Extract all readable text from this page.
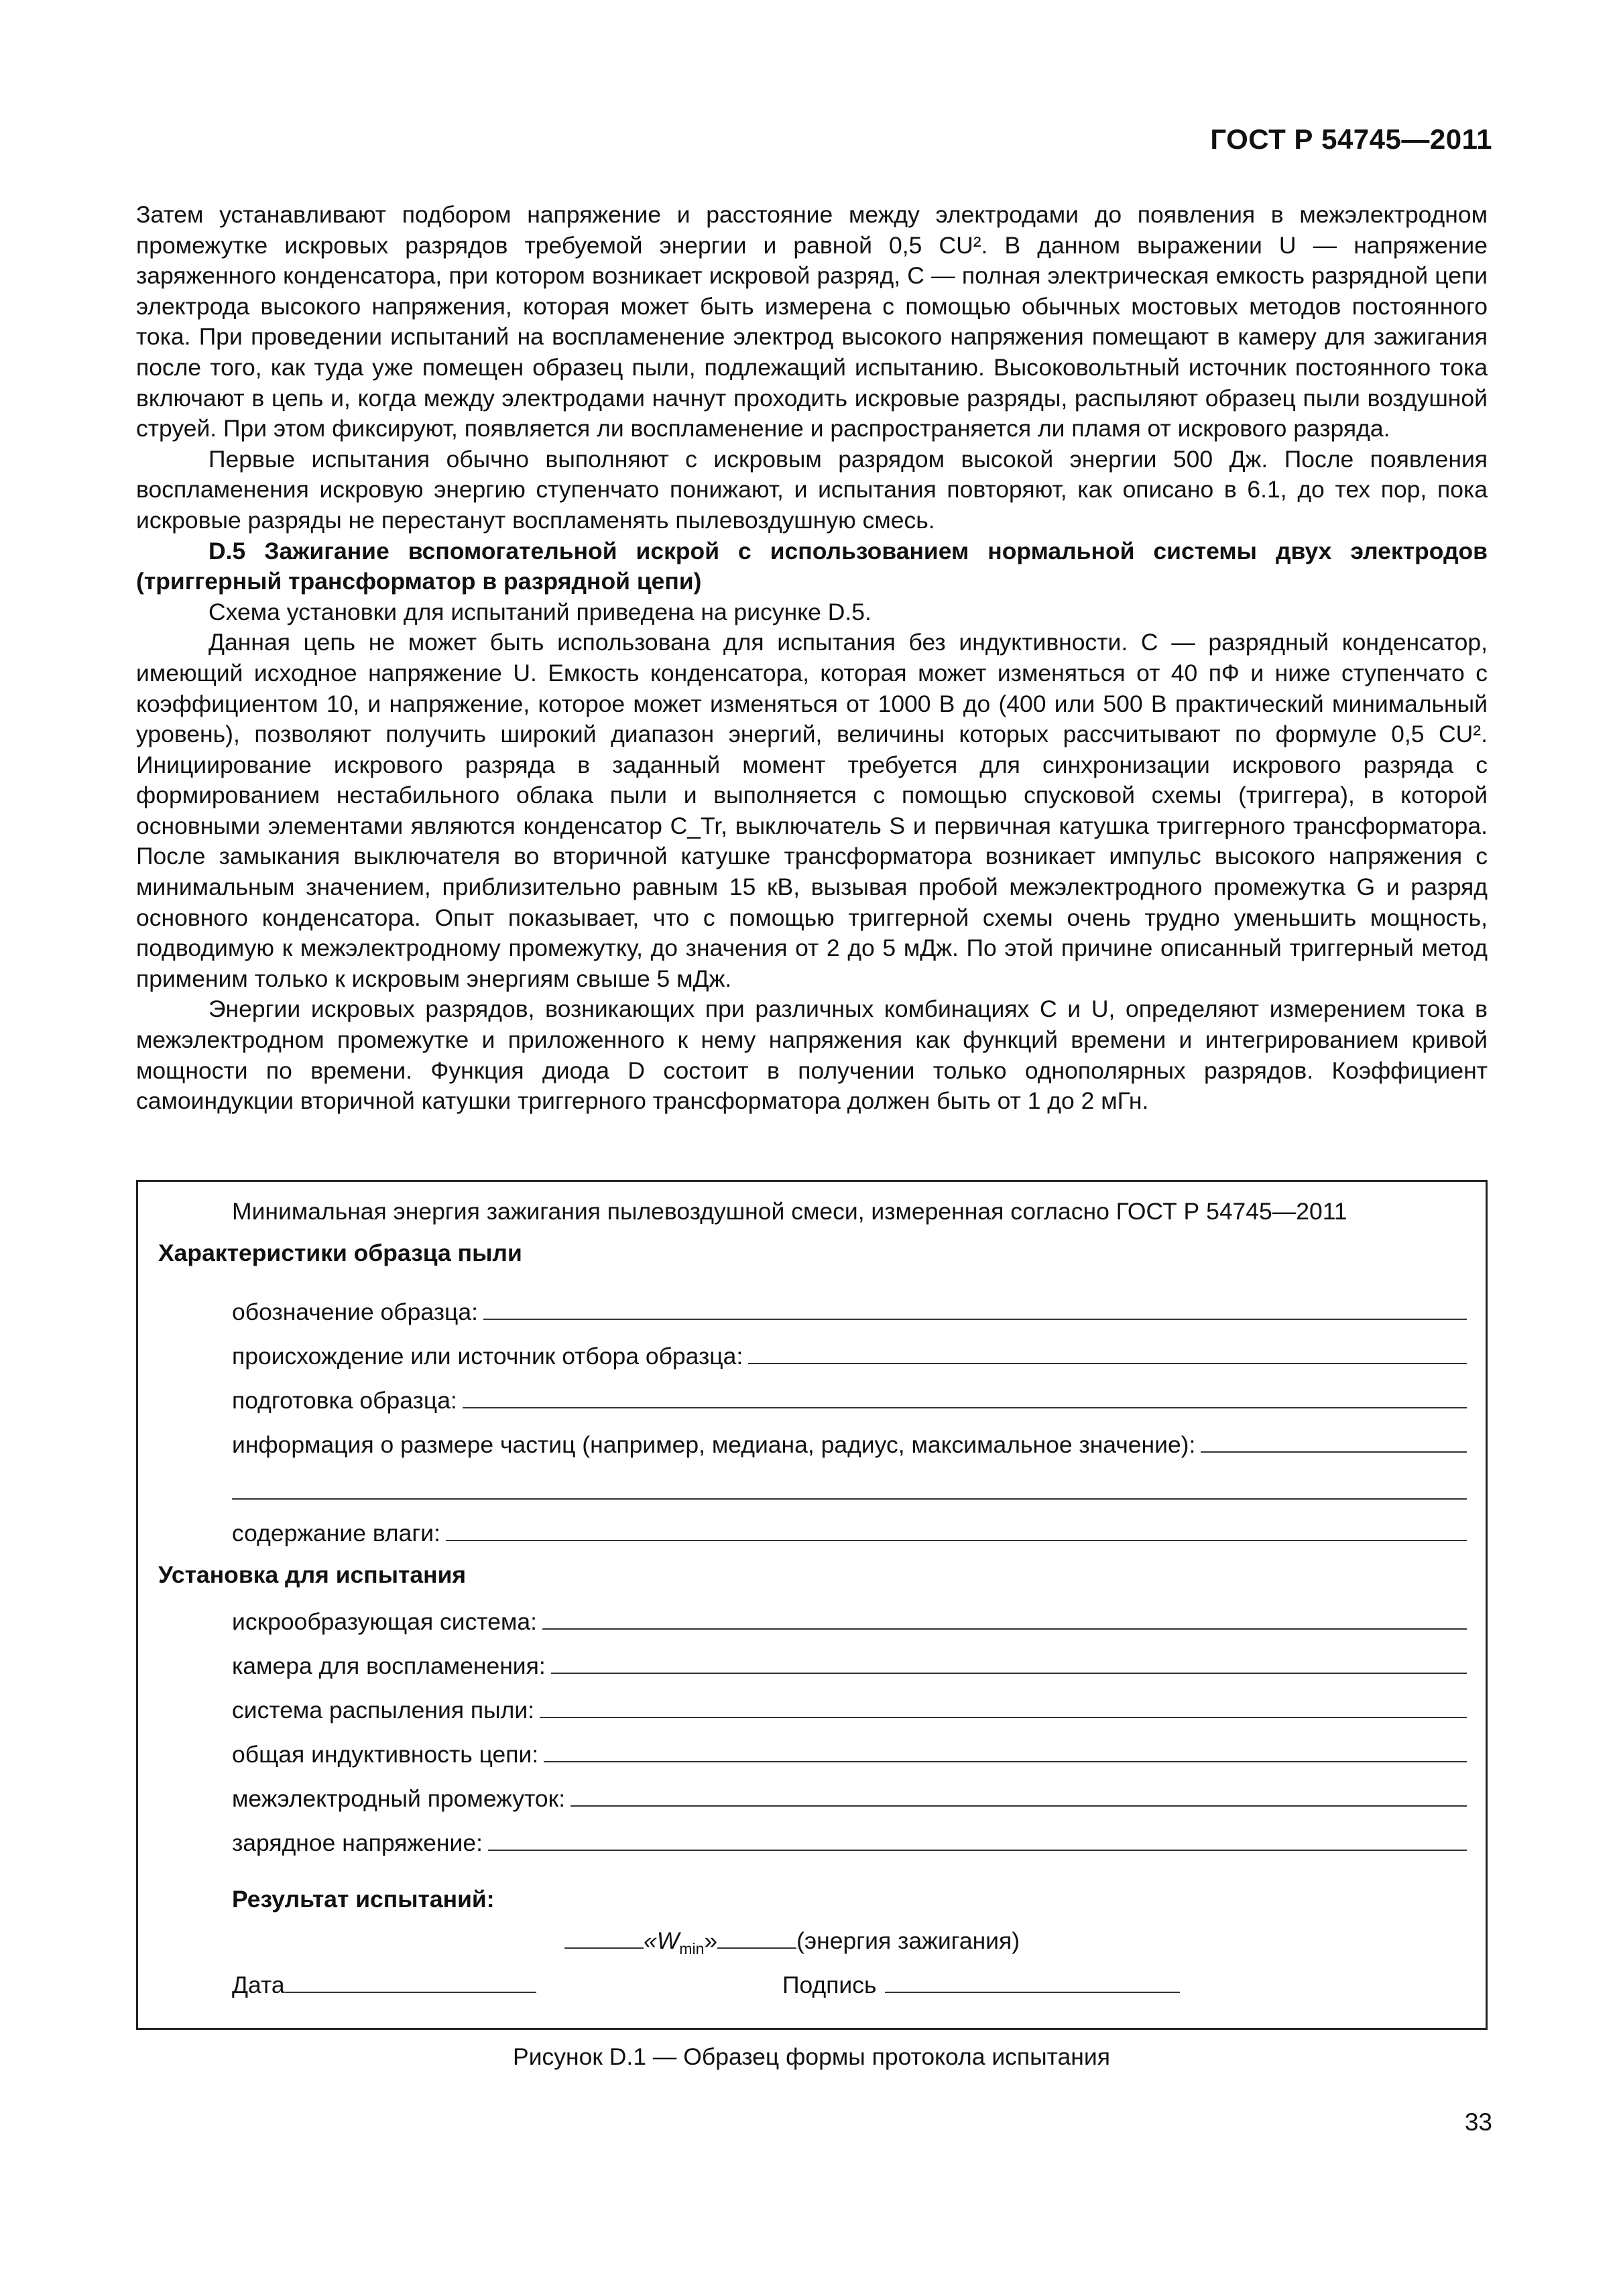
ГОСТ Р 54745—2011

Затем устанавливают подбором напряжение и расстояние между электродами до появления в межэлектродном промежутке искровых разрядов требуемой энергии и равной 0,5 CU². В данном выражении U — напряжение заряженного конденсатора, при котором возникает искровой разряд, C — полная электрическая емкость разрядной цепи электрода высокого напряжения, которая может быть измерена с помощью обычных мостовых методов постоянного тока. При проведении испытаний на воспламенение электрод высокого напряжения помещают в камеру для зажигания после того, как туда уже помещен образец пыли, подлежащий испытанию. Высоковольтный источник постоянного тока включают в цепь и, когда между электродами начнут проходить искровые разряды, распыляют образец пыли воздушной струей. При этом фиксируют, появляется ли воспламенение и распространяется ли пламя от искрового разряда.

Первые испытания обычно выполняют с искровым разрядом высокой энергии 500 Дж. После появления воспламенения искровую энергию ступенчато понижают, и испытания повторяют, как описано в 6.1, до тех пор, пока искровые разряды не перестанут воспламенять пылевоздушную смесь.

D.5 Зажигание вспомогательной искрой с использованием нормальной системы двух электродов (триггерный трансформатор в разрядной цепи)

Схема установки для испытаний приведена на рисунке D.5.

Данная цепь не может быть использована для испытания без индуктивности. C — разрядный конденсатор, имеющий исходное напряжение U. Емкость конденсатора, которая может изменяться от 40 пФ и ниже ступенчато с коэффициентом 10, и напряжение, которое может изменяться от 1000 В до (400 или 500 В практический минимальный уровень), позволяют получить широкий диапазон энергий, величины которых рассчитывают по формуле 0,5 CU². Инициирование искрового разряда в заданный момент требуется для синхронизации искрового разряда с формированием нестабильного облака пыли и выполняется с помощью спусковой схемы (триггера), в которой основными элементами являются конденсатор C_Tr, выключатель S и первичная катушка триггерного трансформатора. После замыкания выключателя во вторичной катушке трансформатора возникает импульс высокого напряжения с минимальным значением, приблизительно равным 15 кВ, вызывая пробой межэлектродного промежутка G и разряд основного конденсатора. Опыт показывает, что с помощью триггерной схемы очень трудно уменьшить мощность, подводимую к межэлектродному промежутку, до значения от 2 до 5 мДж. По этой причине описанный триггерный метод применим только к искровым энергиям свыше 5 мДж.

Энергии искровых разрядов, возникающих при различных комбинациях C и U, определяют измерением тока в межэлектродном промежутке и приложенного к нему напряжения как функций времени и интегрированием кривой мощности по времени. Функция диода D состоит в получении только однополярных разрядов. Коэффициент самоиндукции вторичной катушки триггерного трансформатора должен быть от 1 до 2 мГн.

Минимальная энергия зажигания пылевоздушной смеси, измеренная согласно ГОСТ Р 54745—2011
Характеристики образца пыли
обозначение образца:
происхождение или источник отбора образца:
подготовка образца:
информация о размере частиц (например, медиана, радиус, максимальное значение):
содержание влаги:
Установка для испытания
искрообразующая система:
камера для воспламенения:
система распыления пыли:
общая индуктивность цепи:
межэлектродный промежуток:
зарядное напряжение:
Результат испытаний:
«$W_{min}$ »	(энергия зажигания)
Дата	Подпись
Рисунок D.1 — Образец формы протокола испытания
33
